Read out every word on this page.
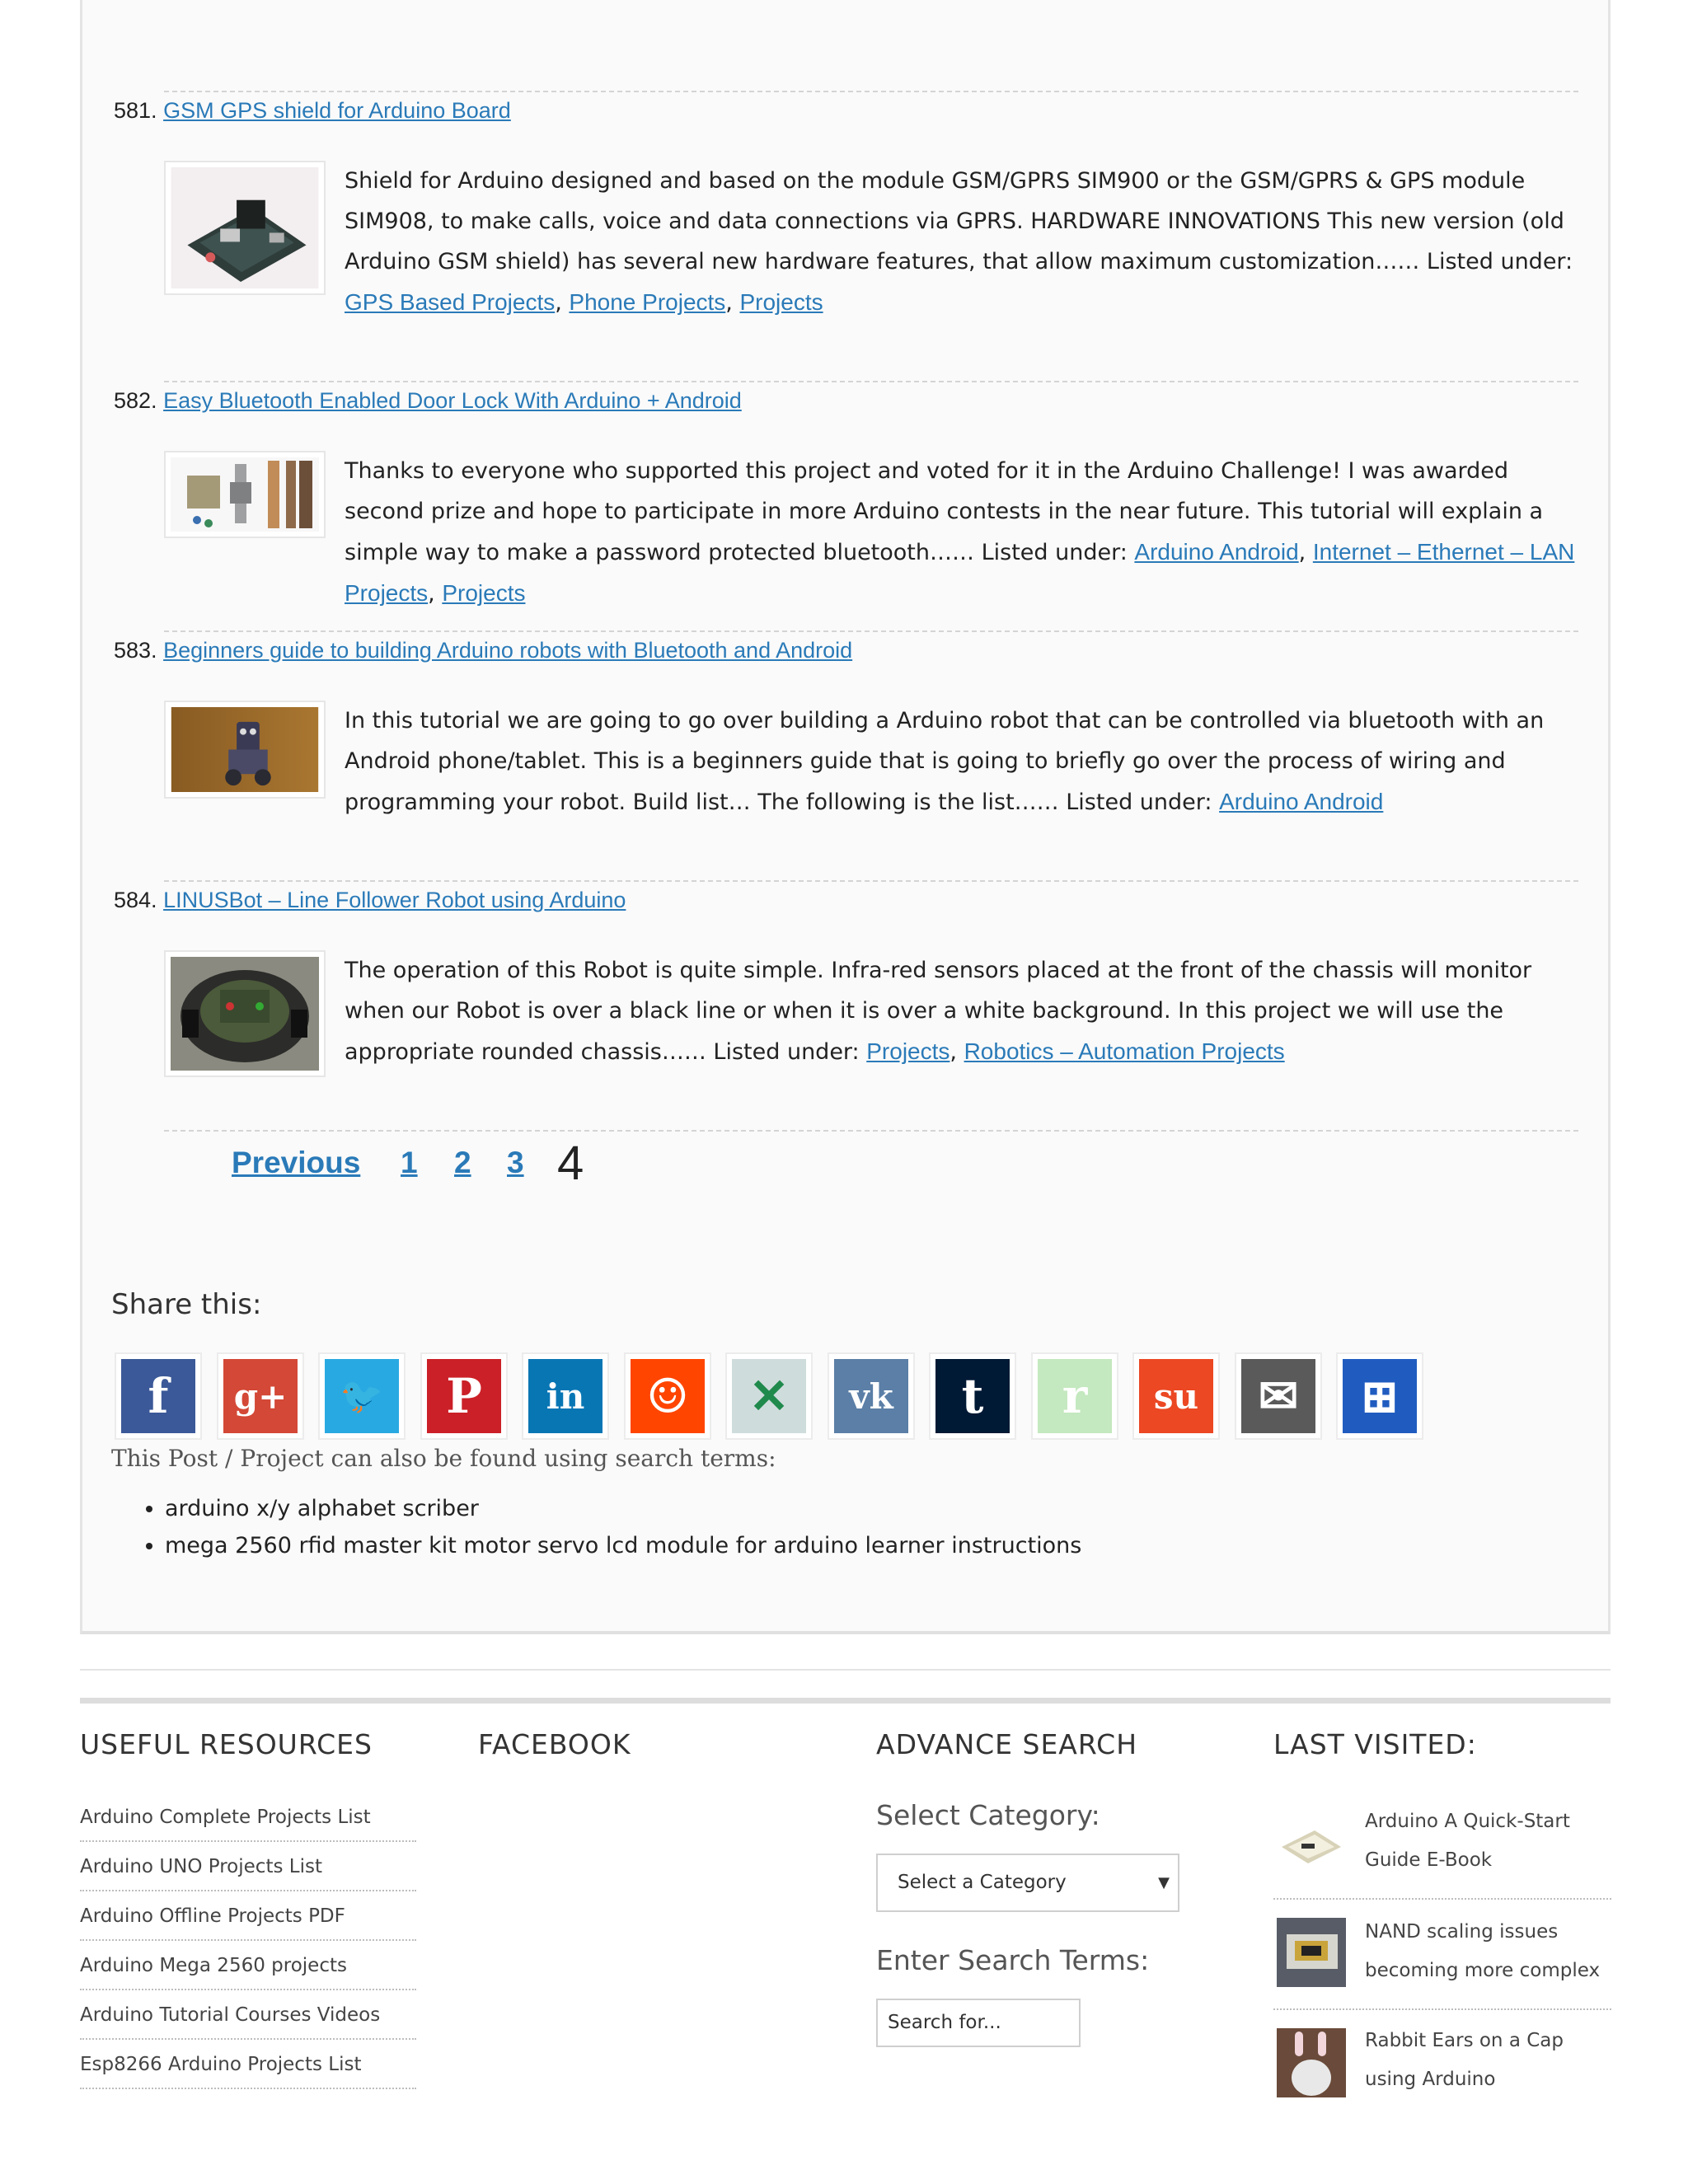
581. GSM GPS shield for Arduino Board
Shield for Arduino designed and based on the module GSM/GPRS SIM900 or the GSM/GPRS & GPS module SIM908, to make calls, voice and data connections via GPRS. HARDWARE INNOVATIONS This new version (old Arduino GSM shield) has several new hardware features, that allow maximum customization…… Listed under: GPS Based Projects, Phone Projects, Projects
582. Easy Bluetooth Enabled Door Lock With Arduino + Android
Thanks to everyone who supported this project and voted for it in the Arduino Challenge! I was awarded second prize and hope to participate in more Arduino contests in the near future. This tutorial will explain a simple way to make a password protected bluetooth…… Listed under: Arduino Android, Internet – Ethernet – LAN Projects, Projects
583. Beginners guide to building Arduino robots with Bluetooth and Android
In this tutorial we are going to go over building a Arduino robot that can be controlled via bluetooth with an Android phone/tablet. This is a beginners guide that is going to briefly go over the process of wiring and programming your robot. Build list… The following is the list…… Listed under: Arduino Android
584. LINUSBot – Line Follower Robot using Arduino
The operation of this Robot is quite simple. Infra-red sensors placed at the front of the chassis will monitor when our Robot is over a black line or when it is over a white background. In this project we will use the appropriate rounded chassis…… Listed under: Projects, Robotics – Automation Projects
Previous 1 2 3 4
Share this:
f	g+	🐦	P	in	☺	✕	vk	t	r	su	✉	⊞
This Post / Project can also be found using search terms:
• arduino x/y alphabet scriber
• mega 2560 rfid master kit motor servo lcd module for arduino learner instructions
USEFUL RESOURCES	FACEBOOK	ADVANCE SEARCH	LAST VISITED:
Arduino Complete Projects List
Arduino UNO Projects List
Arduino Offline Projects PDF
Arduino Mega 2560 projects
Arduino Tutorial Courses Videos
Esp8266 Arduino Projects List
Select Category:
Select a Category	▼
Enter Search Terms:
Search for...
Arduino A Quick-Start Guide E-Book
NAND scaling issues becoming more complex
Rabbit Ears on a Cap using Arduino
